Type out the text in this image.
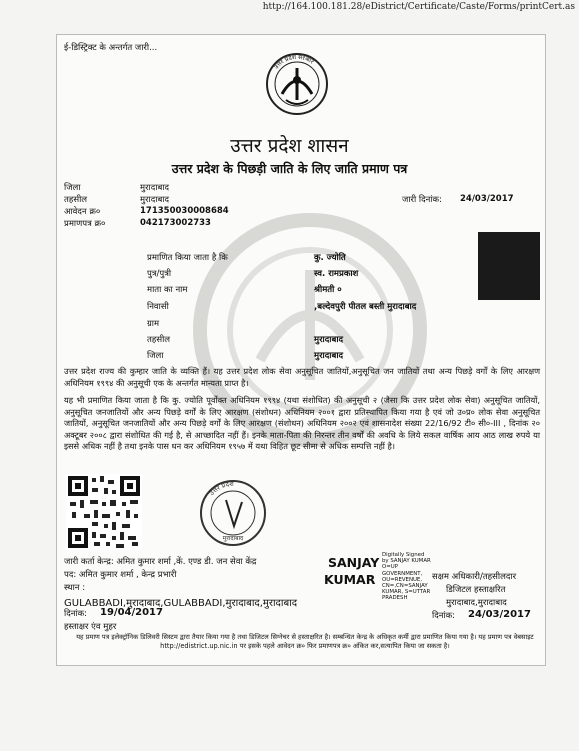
http://164.100.181.28/eDistrict/Certificate/Caste/Forms/printCert.as
ई-डिस्ट्रिक्ट के अन्तर्गत जारी...
उत्तर प्रदेश सरकार
उत्तर प्रदेश शासन
उत्तर प्रदेश के पिछड़ी जाति के लिए जाति प्रमाण पत्र
जिला	मुरादाबाद
तहसील	मुरादाबाद
आवेदन क्र०	171350030008684
प्रमाणपत्र क्र०	042173002733
जारी दिनांक: 24/03/2017
प्रमाणित किया जाता है कि	कु. ज्योति
पुत्र/पुत्री	स्व. रामप्रकाश
माता का नाम	श्रीमती ०
निवासी	,बल्देवपुरी पीतल बस्ती मुरादाबाद
ग्राम
तहसील	मुरादाबाद
जिला	मुरादाबाद
उत्तर प्रदेश राज्य की कुम्हार जाति के व्यक्ति हैं। यह उत्तर प्रदेश लोक सेवा अनुसूचित जातियों,अनुसूचित जन जातियों तथा अन्य पिछड़े वर्गों के लिए आरक्षण अधिनियम १९९४ की अनुसूची एक के अन्तर्गत मान्यता प्राप्त है।
यह भी प्रमाणित किया जाता है कि कु. ज्योति पूर्वोक्त अधिनियम १९९४ (यथा संशोधित) की अनुसूची २ (जैसा कि उत्तर प्रदेश लोक सेवा) अनुसूचित जातियों, अनुसूचित जनजातियों और अन्य पिछड़े वर्गों के लिए आरक्षण (संशोधन) अधिनियम २००१ द्वारा प्रतिस्थापित किया गया है एवं जो उ०प्र० लोक सेवा अनुसूचित जातियों, अनुसूचित जनजातियों और अन्य पिछड़े वर्गों के लिए आरक्षण (संशोधन) अधिनियम २००२ एवं शासनादेश संख्या 22/16/92 टी० सी०-III , दिनांक २० अक्टूबर २००८ द्वारा संशोधित की गई है, से आच्छादित नहीं हैं। इनके माता-पिता की निरन्तर तीन वर्षों की अवधि के लिये सकल वार्षिक आय आठ लाख रुपये या इससे अधिक नहीं है तथा इनके पास धन कर अधिनियम १९५७ में यथा विहित छूट सीमा से अधिक सम्पत्ति नहीं है।
उत्तर प्रदेश
मुरादाबाद
जारी कर्ता केन्द्र: अमित कुमार शर्मा ,कें. एण्ड डी. जन सेवा केंद्र
पद: अमित कुमार शर्मा , केन्द्र प्रभारी
स्थान :
GULABBADI,मुरादाबाद,GULABBADI,मुरादाबाद,मुरादाबाद
दिनांक: 19/04/2017
हस्ताक्षर एंव मुहर
SANJAY
KUMAR
Digitally Signed by SANJAY KUMAR O=UP GOVERNMENT, OU=REVENUE, CN=,CN=SANJAY KUMAR, S=UTTAR PRADESH
सक्षम अधिकारी/तहसीलदार
डिजिटल हस्ताक्षरित
मुरादाबाद,मुरादाबाद
दिनांक: 24/03/2017
यह प्रमाण पत्र इलेक्ट्रॉनिक डिलिवरी सिस्टम द्वारा तैयार किया गया है तथा डिजिटल सिग्नेचर से हस्ताक्षरित है। सम्बन्धित केन्द्र के अधिकृत कर्मी द्वारा प्रमाणित किया गया है। यह प्रमाण पत्र वेबसाइट http://edistrict.up.nic.in पर इसके पहले आवेदन क्र० फिर प्रमाणपत्र क्र० अंकित कर,सत्यापित किया जा सकता है।
